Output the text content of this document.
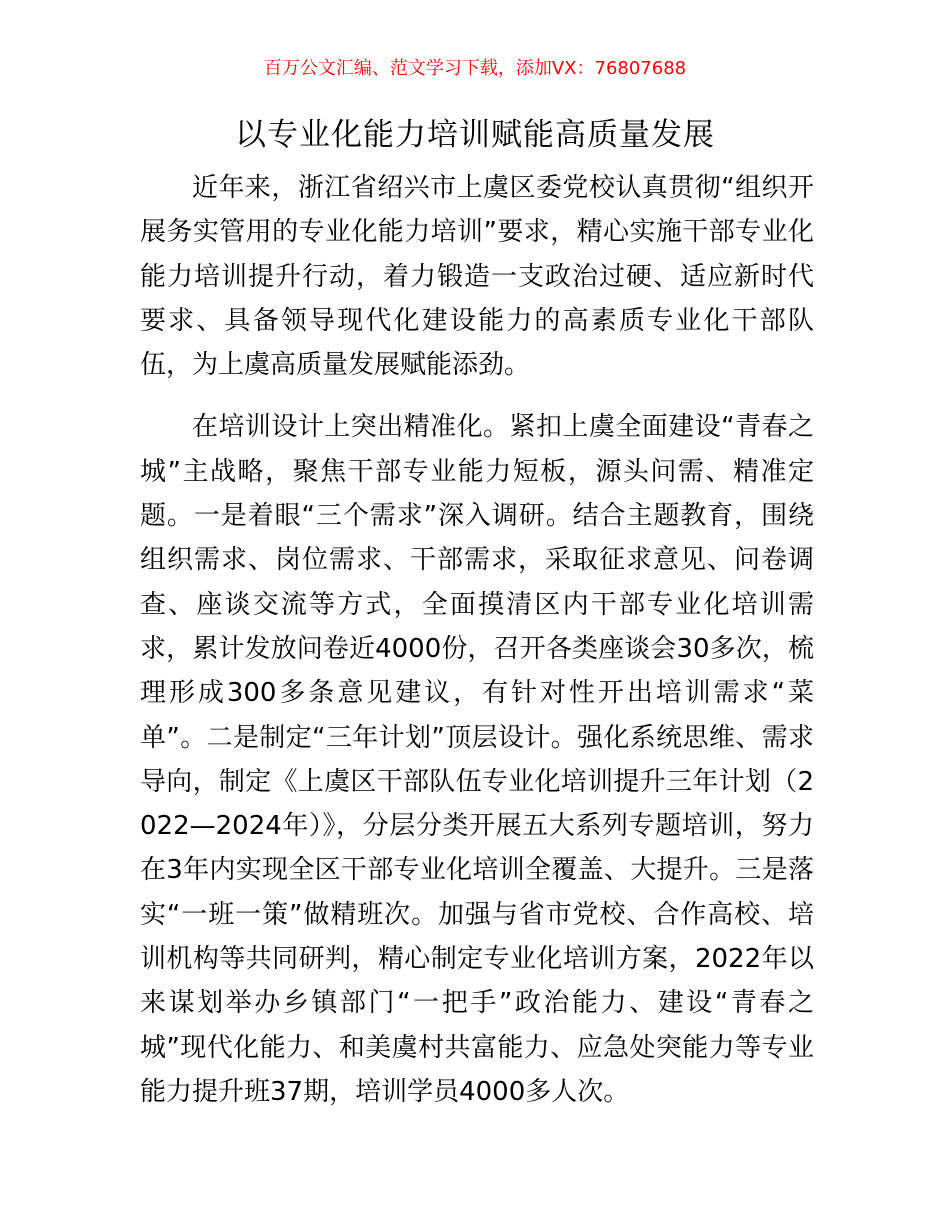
百万公文汇编、范文学习下载，添加VX：76807688
以专业化能力培训赋能高质量发展

近年来，浙江省绍兴市上虞区委党校认真贯彻“组织开展务实管用的专业化能力培训”要求，精心实施干部专业化能力培训提升行动，着力锻造一支政治过硬、适应新时代要求、具备领导现代化建设能力的高素质专业化干部队伍，为上虞高质量发展赋能添劲。

在培训设计上突出精准化。紧扣上虞全面建设“青春之城”主战略，聚焦干部专业能力短板，源头问需、精准定题。一是着眼“三个需求”深入调研。结合主题教育，围绕组织需求、岗位需求、干部需求，采取征求意见、问卷调查、座谈交流等方式，全面摸清区内干部专业化培训需求，累计发放问卷近4000份，召开各类座谈会30多次，梳理形成300多条意见建议，有针对性开出培训需求“菜单”。二是制定“三年计划”顶层设计。强化系统思维、需求导向，制定《上虞区干部队伍专业化培训提升三年计划（2022—2024年）》，分层分类开展五大系列专题培训，努力在3年内实现全区干部专业化培训全覆盖、大提升。三是落实“一班一策”做精班次。加强与省市党校、合作高校、培训机构等共同研判，精心制定专业化培训方案，2022年以来谋划举办乡镇部门“一把手”政治能力、建设“青春之城”现代化能力、和美虞村共富能力、应急处突能力等专业能力提升班37期，培训学员4000多人次。
